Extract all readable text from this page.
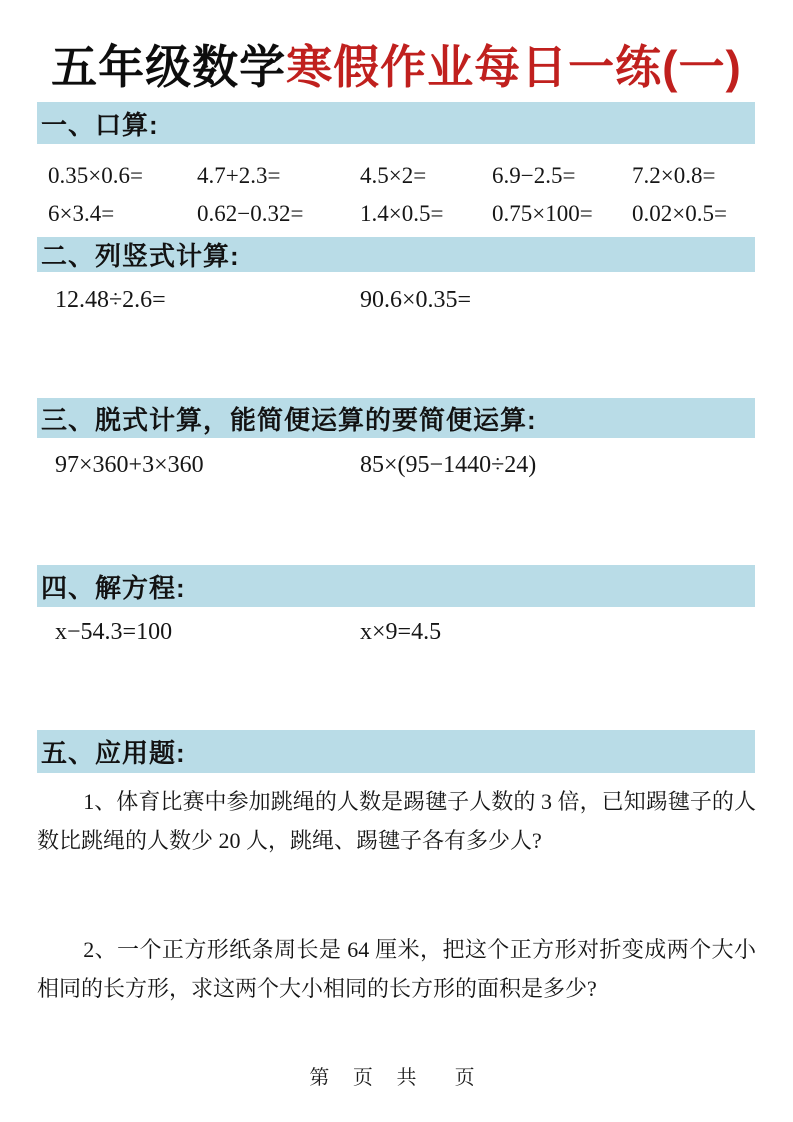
五年级数学寒假作业每日一练(一)
一、口算:
0.35×0.6= 4.7+2.3=	4.5×2=	6.9−2.5= 7.2×0.8=
6×3.4=	0.62−0.32= 1.4×0.5= 0.75×100= 0.02×0.5=
二、列竖式计算:
12.48÷2.6=	90.6×0.35=
三、脱式计算，能简便运算的要简便运算:
97×360+3×360	85×(95−1440÷24)
四、解方程:
x−54.3=100	x×9=4.5
五、应用题:

1、体育比赛中参加跳绳的人数是踢毽子人数的 3 倍，已知踢毽子的人数比跳绳的人数少 20 人，跳绳、踢毽子各有多少人?

2、一个正方形纸条周长是 64 厘米，把这个正方形对折变成两个大小相同的长方形，求这两个大小相同的长方形的面积是多少?

第 页 共  页
